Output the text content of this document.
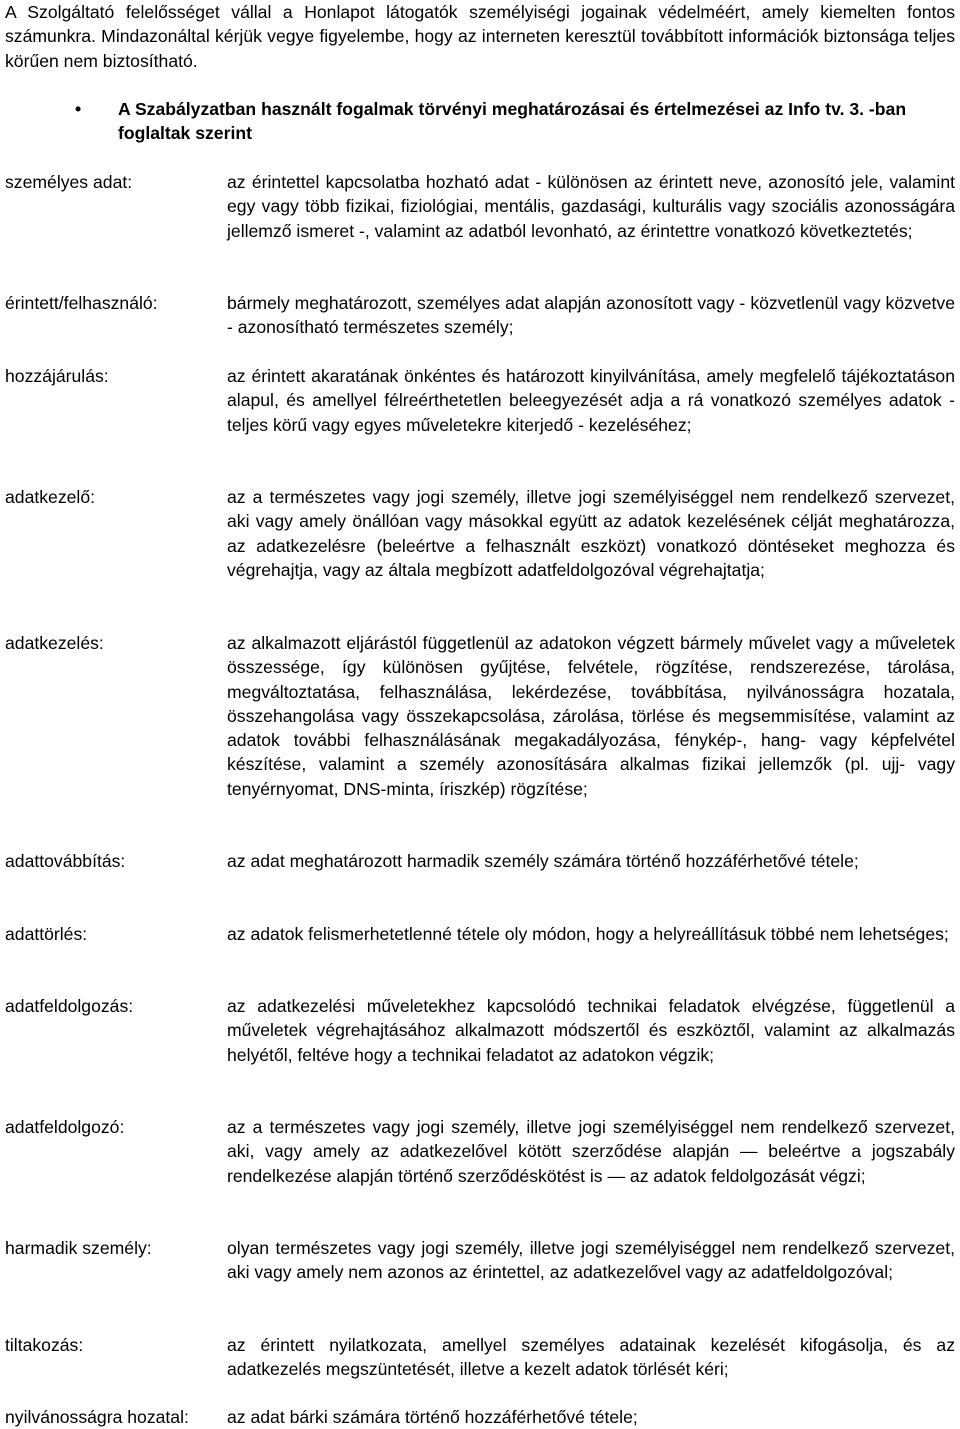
A Szolgáltató felelősséget vállal a Honlapot látogatók személyiségi jogainak védelméért, amely kiemelten fontos számunkra. Mindazonáltal kérjük vegye figyelembe, hogy az interneten keresztül továbbított információk biztonsága teljes körűen nem biztosítható.

• A Szabályzatban használt fogalmak törvényi meghatározásai és értelmezései az Info tv. 3. -ban foglaltak szerint

személyes adat:	az érintettel kapcsolatba hozható adat - különösen az érintett neve, azonosító jele, valamint egy vagy több fizikai, fiziológiai, mentális, gazdasági, kulturális vagy szociális azonosságára jellemző ismeret -, valamint az adatból levonható, az érintettre vonatkozó következtetés;

érintett/felhasználó:	bármely meghatározott, személyes adat alapján azonosított vagy - közvetlenül vagy közvetve - azonosítható természetes személy;

hozzájárulás:	az érintett akaratának önkéntes és határozott kinyilvánítása, amely megfelelő tájékoztatáson alapul, és amellyel félreérthetetlen beleegyezését adja a rá vonatkozó személyes adatok - teljes körű vagy egyes műveletekre kiterjedő - kezeléséhez;

adatkezelő:	az a természetes vagy jogi személy, illetve jogi személyiséggel nem rendelkező szervezet, aki vagy amely önállóan vagy másokkal együtt az adatok kezelésének célját meghatározza, az adatkezelésre (beleértve a felhasznált eszközt) vonatkozó döntéseket meghozza és végrehajtja, vagy az általa megbízott adatfeldolgozóval végrehajtatja;

adatkezelés:	az alkalmazott eljárástól függetlenül az adatokon végzett bármely művelet vagy a műveletek összessége, így különösen gyűjtése, felvétele, rögzítése, rendszerezése, tárolása, megváltoztatása, felhasználása, lekérdezése, továbbítása, nyilvánosságra hozatala, összehangolása vagy összekapcsolása, zárolása, törlése és megsemmisítése, valamint az adatok további felhasználásának megakadályozása, fénykép-, hang- vagy képfelvétel készítése, valamint a személy azonosítására alkalmas fizikai jellemzők (pl. ujj- vagy tenyérnyomat, DNS-minta, íriszkép) rögzítése;

adattovábbítás:	az adat meghatározott harmadik személy számára történő hozzáférhetővé tétele;

adattörlés:	az adatok felismerhetetlenné tétele oly módon, hogy a helyreállításuk többé nem lehetséges;

adatfeldolgozás:	az adatkezelési műveletekhez kapcsolódó technikai feladatok elvégzése, függetlenül a műveletek végrehajtásához alkalmazott módszertől és eszköztől, valamint az alkalmazás helyétől, feltéve hogy a technikai feladatot az adatokon végzik;

adatfeldolgozó:	az a természetes vagy jogi személy, illetve jogi személyiséggel nem rendelkező szervezet, aki, vagy amely az adatkezelővel kötött szerződése alapján — beleértve a jogszabály rendelkezése alapján történő szerződéskötést is — az adatok feldolgozását végzi;

harmadik személy:	olyan természetes vagy jogi személy, illetve jogi személyiséggel nem rendelkező szervezet, aki vagy amely nem azonos az érintettel, az adatkezelővel vagy az adatfeldolgozóval;

tiltakozás:	az érintett nyilatkozata, amellyel személyes adatainak kezelését kifogásolja, és az adatkezelés megszüntetését, illetve a kezelt adatok törlését kéri;

nyilvánosságra hozatal: az adat bárki számára történő hozzáférhetővé tétele;
